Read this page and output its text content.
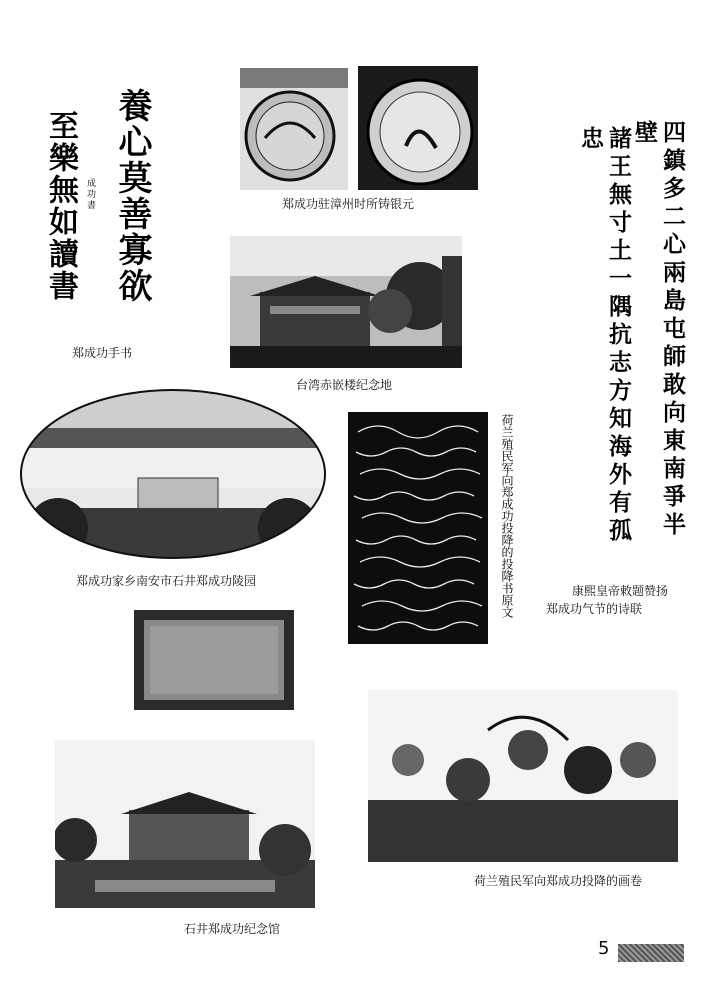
養心莫善寡欲
至樂無如讀書 成功書
郑成功手书
郑成功驻漳州时所铸银元
台湾赤嵌楼纪念地	四鎮多二心兩島屯師敢向東南爭半壁
諸王無寸土一隅抗志方知海外有孤忠
康熙皇帝敕题赞扬
郑成功气节的诗联
郑成功家乡南安市石井郑成功陵园	荷兰殖民军向郑成功投降的投降书原文
石井郑成功纪念馆
荷兰殖民军向郑成功投降的画卷
5
